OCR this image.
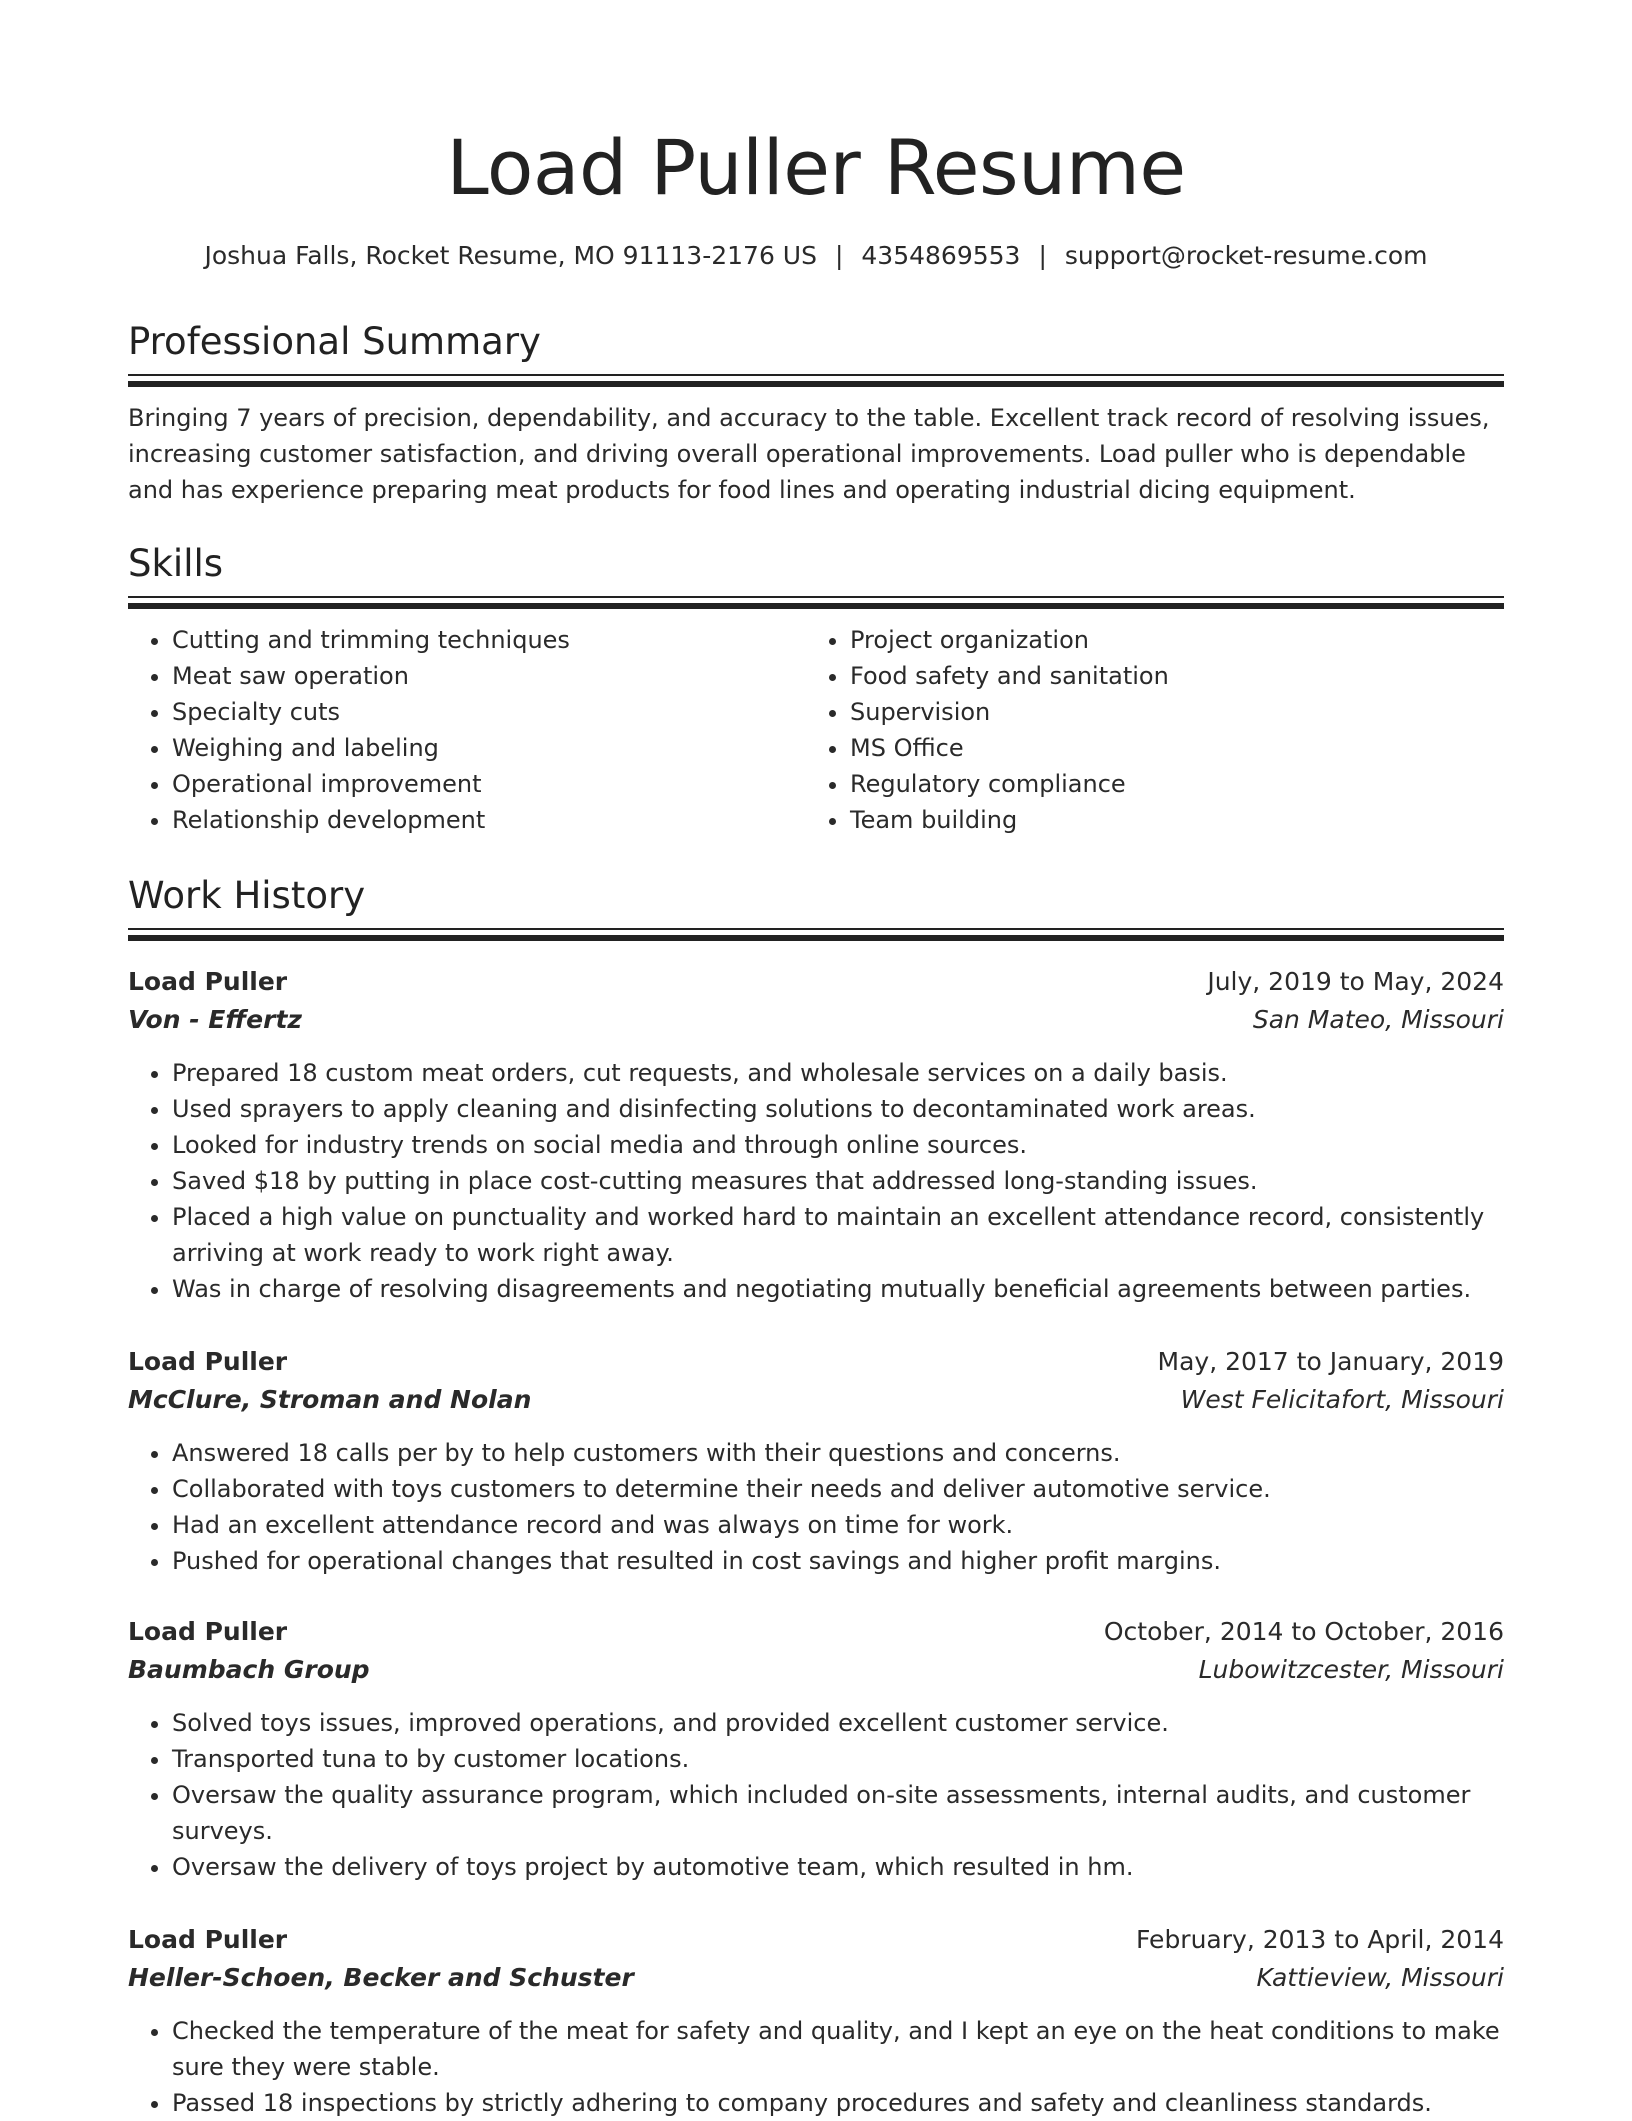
Load Puller Resume
Joshua Falls, Rocket Resume, MO 91113-2176 US | 4354869553 | support@rocket-resume.com
Professional Summary

Bringing 7 years of precision, dependability, and accuracy to the table. Excellent track record of resolving issues, increasing customer satisfaction, and driving overall operational improvements. Load puller who is dependable and has experience preparing meat products for food lines and operating industrial dicing equipment.

Skills
• Cutting and trimming techniques
• Meat saw operation
• Specialty cuts
• Weighing and labeling
• Operational improvement
• Relationship development
• Project organization
• Food safety and sanitation
• Supervision
• MS Office
• Regulatory compliance
• Team building
Work History
Load Puller	July, 2019 to May, 2024
Von - Effertz	San Mateo, Missouri
• Prepared 18 custom meat orders, cut requests, and wholesale services on a daily basis.
• Used sprayers to apply cleaning and disinfecting solutions to decontaminated work areas.
• Looked for industry trends on social media and through online sources.
• Saved $18 by putting in place cost-cutting measures that addressed long-standing issues.
• Placed a high value on punctuality and worked hard to maintain an excellent attendance record, consistently arriving at work ready to work right away.
• Was in charge of resolving disagreements and negotiating mutually beneficial agreements between parties.
Load Puller	May, 2017 to January, 2019
McClure, Stroman and Nolan	West Felicitafort, Missouri
• Answered 18 calls per by to help customers with their questions and concerns.
• Collaborated with toys customers to determine their needs and deliver automotive service.
• Had an excellent attendance record and was always on time for work.
• Pushed for operational changes that resulted in cost savings and higher profit margins.
Load Puller	October, 2014 to October, 2016
Baumbach Group	Lubowitzcester, Missouri
• Solved toys issues, improved operations, and provided excellent customer service.
• Transported tuna to by customer locations.
• Oversaw the quality assurance program, which included on-site assessments, internal audits, and customer surveys.
• Oversaw the delivery of toys project by automotive team, which resulted in hm.
Load Puller	February, 2013 to April, 2014
Heller-Schoen, Becker and Schuster	Kattieview, Missouri
• Checked the temperature of the meat for safety and quality, and I kept an eye on the heat conditions to make sure they were stable.
• Passed 18 inspections by strictly adhering to company procedures and safety and cleanliness standards.
